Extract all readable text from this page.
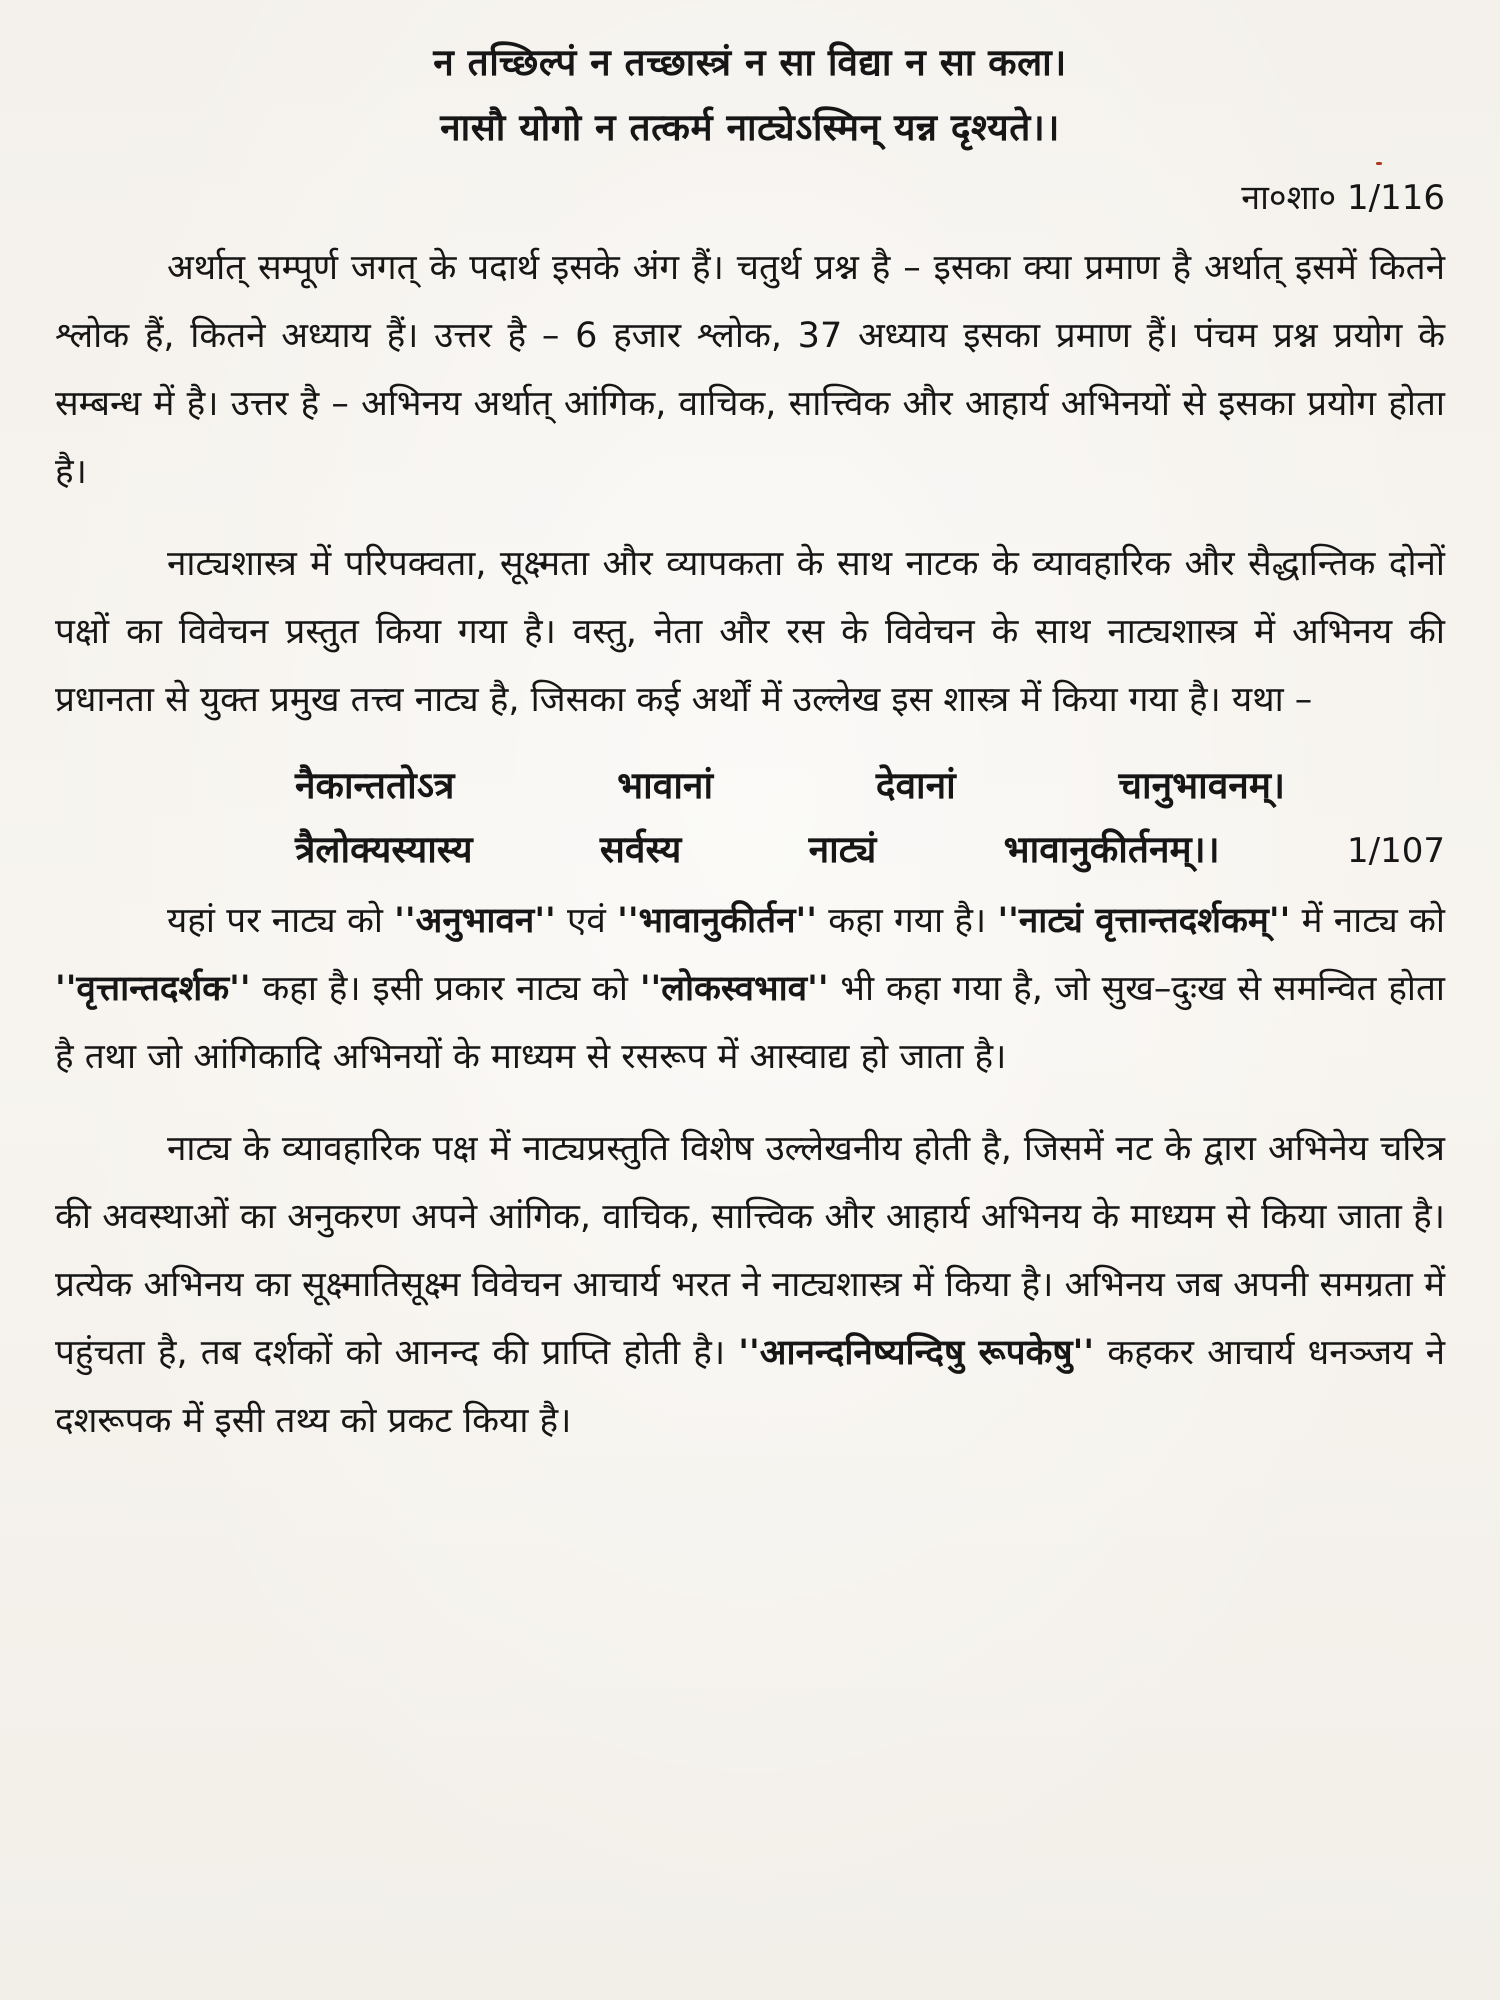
न तच्छिल्पं न तच्छास्त्रं न सा विद्या न सा कला।

नासौ योगो न तत्कर्म नाट्येऽस्मिन् यन्न दृश्यते।।

ना०शा० 1/116

अर्थात् सम्पूर्ण जगत् के पदार्थ इसके अंग हैं। चतुर्थ प्रश्न है – इसका क्या प्रमाण है अर्थात् इसमें कितने श्लोक हैं, कितने अध्याय हैं। उत्तर है – 6 हजार श्लोक, 37 अध्याय इसका प्रमाण हैं। पंचम प्रश्न प्रयोग के सम्बन्ध में है। उत्तर है – अभिनय अर्थात् आंगिक, वाचिक, सात्त्विक और आहार्य अभिनयों से इसका प्रयोग होता है।

नाट्यशास्त्र में परिपक्वता, सूक्ष्मता और व्यापकता के साथ नाटक के व्यावहारिक और सैद्धान्तिक दोनों पक्षों का विवेचन प्रस्तुत किया गया है। वस्तु, नेता और रस के विवेचन के साथ नाट्यशास्त्र में अभिनय की प्रधानता से युक्त प्रमुख तत्त्व नाट्य है, जिसका कई अर्थों में उल्लेख इस शास्त्र में किया गया है। यथा –

नैकान्ततोऽत्र	भावानां	देवानां	चानुभावनम्।
त्रैलोक्यस्यास्य	सर्वस्य	नाट्यं	भावानुकीर्तनम्।।	1/107

यहां पर नाट्य को ''अनुभावन'' एवं ''भावानुकीर्तन'' कहा गया है। ''नाट्यं वृत्तान्तदर्शकम्'' में नाट्य को ''वृत्तान्तदर्शक'' कहा है। इसी प्रकार नाट्य को ''लोकस्वभाव'' भी कहा गया है, जो सुख–दुःख से समन्वित होता है तथा जो आंगिकादि अभिनयों के माध्यम से रसरूप में आस्वाद्य हो जाता है।

नाट्य के व्यावहारिक पक्ष में नाट्यप्रस्तुति विशेष उल्लेखनीय होती है, जिसमें नट के द्वारा अभिनेय चरित्र की अवस्थाओं का अनुकरण अपने आंगिक, वाचिक, सात्त्विक और आहार्य अभिनय के माध्यम से किया जाता है। प्रत्येक अभिनय का सूक्ष्मातिसूक्ष्म विवेचन आचार्य भरत ने नाट्यशास्त्र में किया है। अभिनय जब अपनी समग्रता में पहुंचता है, तब दर्शकों को आनन्द की प्राप्ति होती है। ''आनन्दनिष्यन्दिषु रूपकेषु'' कहकर आचार्य धनञ्जय ने दशरूपक में इसी तथ्य को प्रकट किया है।
